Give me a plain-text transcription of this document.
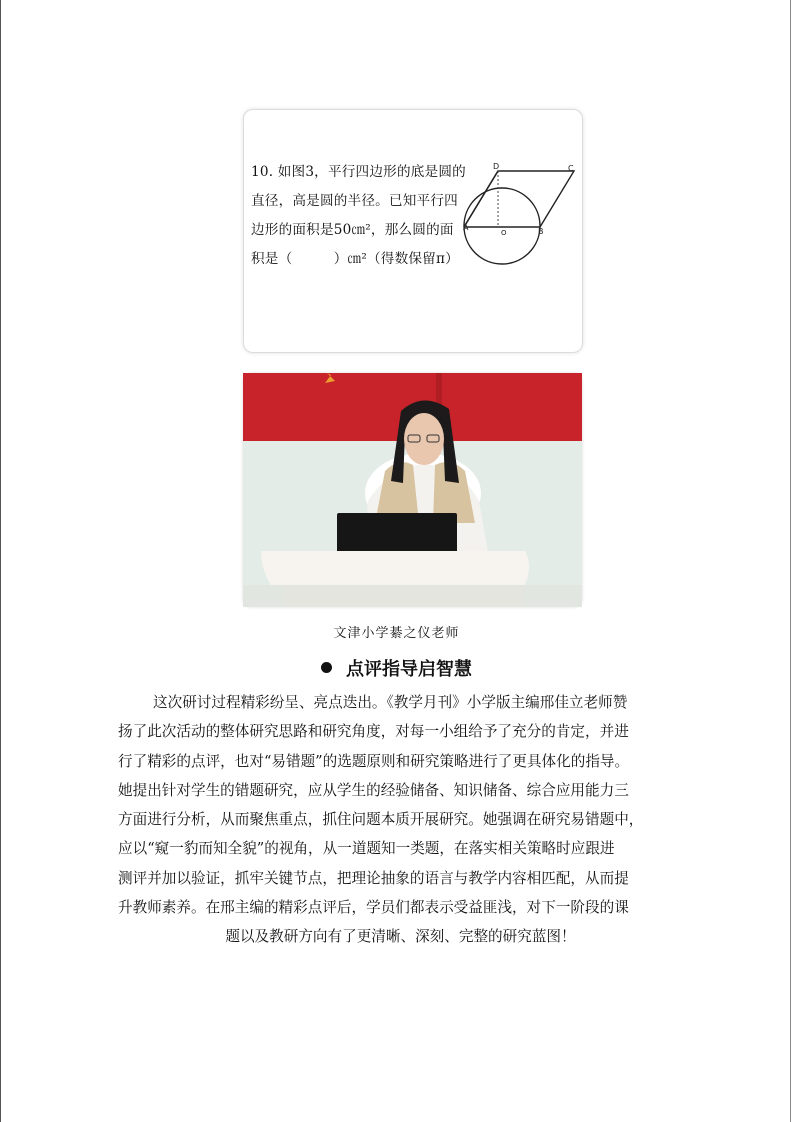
10. 如图3，平行四边形的底是圆的
直径，高是圆的半径。已知平行四
边形的面积是50㎝²，那么圆的面
积是（　　　）㎝²（得数保留π）
A	B
C
D
O
文津小学綦之仪老师
点评指导启智慧
这次研讨过程精彩纷呈、亮点迭出。《教学月刊》小学版主编邢佳立老师赞
扬了此次活动的整体研究思路和研究角度，对每一小组给予了充分的肯定，并进
行了精彩的点评，也对“易错题”的选题原则和研究策略进行了更具体化的指导。
她提出针对学生的错题研究，应从学生的经验储备、知识储备、综合应用能力三
方面进行分析，从而聚焦重点，抓住问题本质开展研究。她强调在研究易错题中，
应以“窥一豹而知全貌”的视角，从一道题知一类题，在落实相关策略时应跟进
测评并加以验证，抓牢关键节点，把理论抽象的语言与教学内容相匹配，从而提
升教师素养。在邢主编的精彩点评后，学员们都表示受益匪浅，对下一阶段的课
题以及教研方向有了更清晰、深刻、完整的研究蓝图！
